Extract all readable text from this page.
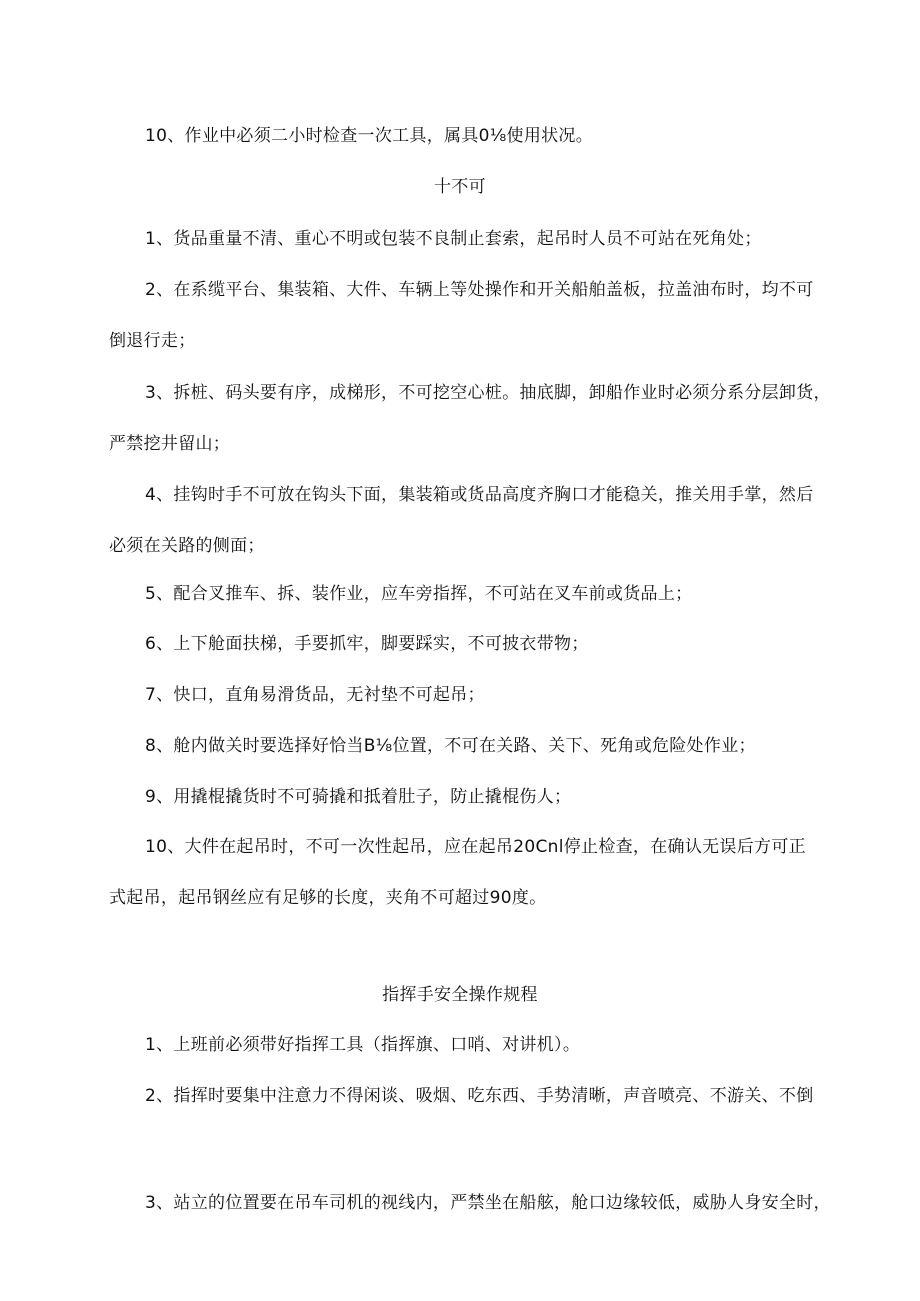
10、作业中必须二小时检查一次工具，属具0⅛使用状况。
十不可
1、货品重量不清、重心不明或包装不良制止套索，起吊时人员不可站在死角处；
2、在系缆平台、集装箱、大件、车辆上等处操作和开关船舶盖板，拉盖油布时，均不可
倒退行走；
3、拆桩、码头要有序，成梯形，不可挖空心桩。抽底脚，卸船作业时必须分系分层卸货，
严禁挖井留山；
4、挂钩时手不可放在钩头下面，集装箱或货品高度齐胸口才能稳关，推关用手掌，然后
必须在关路的侧面；
5、配合叉推车、拆、装作业，应车旁指挥，不可站在叉车前或货品上；
6、上下舱面扶梯，手要抓牢，脚要踩实，不可披衣带物；
7、快口，直角易滑货品，无衬垫不可起吊；
8、舱内做关时要选择好恰当B⅛位置，不可在关路、关下、死角或危险处作业；
9、用撬棍撬货时不可骑撬和抵着肚子，防止撬棍伤人；
10、大件在起吊时，不可一次性起吊，应在起吊20Cnl停止检查，在确认无误后方可正
式起吊，起吊钢丝应有足够的长度，夹角不可超过90度。
指挥手安全操作规程
1、上班前必须带好指挥工具（指挥旗、口哨、对讲机）。
2、指挥时要集中注意力不得闲谈、吸烟、吃东西、手势清晰，声音喷亮、不游关、不倒
3、站立的位置要在吊车司机的视线内，严禁坐在船舷，舱口边缘较低，威胁人身安全时，
